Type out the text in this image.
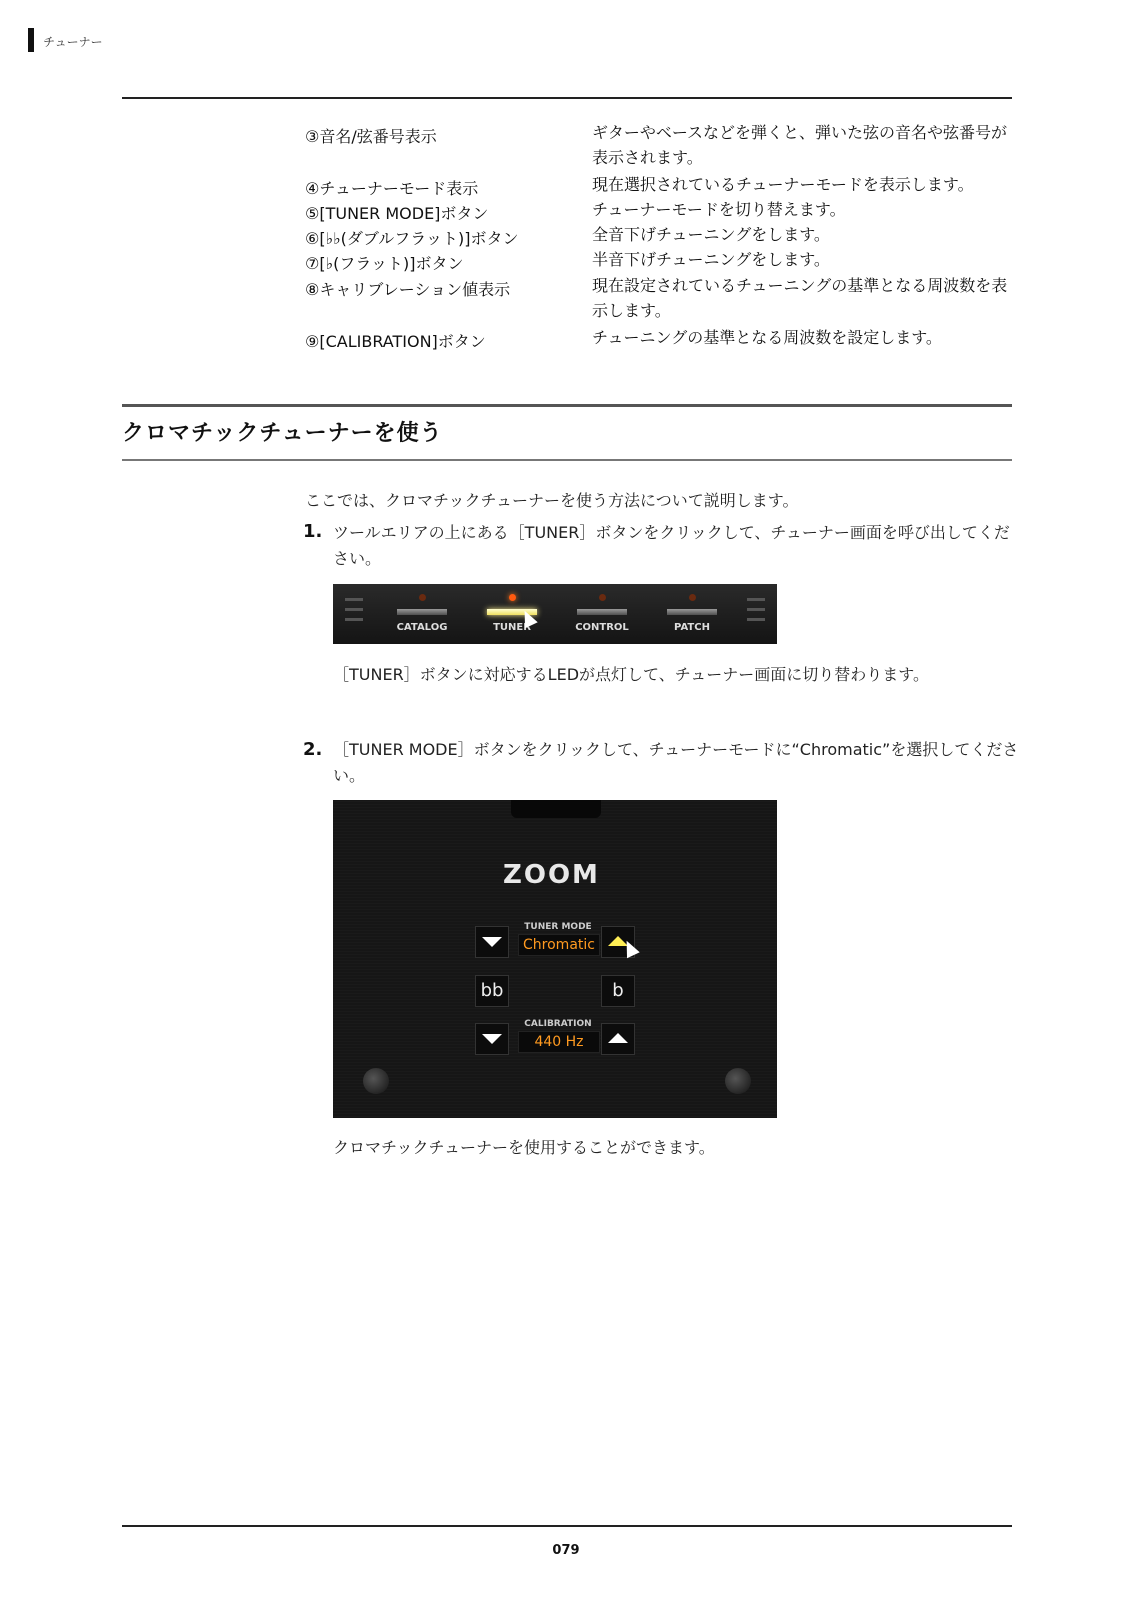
チューナー
③音名/弦番号表示	ギターやベースなどを弾くと、弾いた弦の音名や弦番号が表示されます。
④チューナーモード表示	現在選択されているチューナーモードを表示します。
⑤[TUNER MODE]ボタン	チューナーモードを切り替えます。
⑥[♭♭(ダブルフラット)]ボタン	全音下げチューニングをします。
⑦[♭(フラット)]ボタン	半音下げチューニングをします。
⑧キャリブレーション値表示	現在設定されているチューニングの基準となる周波数を表示します。
⑨[CALIBRATION]ボタン	チューニングの基準となる周波数を設定します。
クロマチックチューナーを使う
ここでは、クロマチックチューナーを使う方法について説明します。
1. ツールエリアの上にある［TUNER］ボタンをクリックして、チューナー画面を呼び出してください。
CATALOG	TUNER	CONTROL	PATCH
［TUNER］ボタンに対応するLEDが点灯して、チューナー画面に切り替わります。
2. ［TUNER MODE］ボタンをクリックして、チューナーモードに“Chromatic”を選択してください。
ZOOM
TUNER MODE
Chromatic
bb	b
CALIBRATION
440 Hz
クロマチックチューナーを使用することができます。
079
